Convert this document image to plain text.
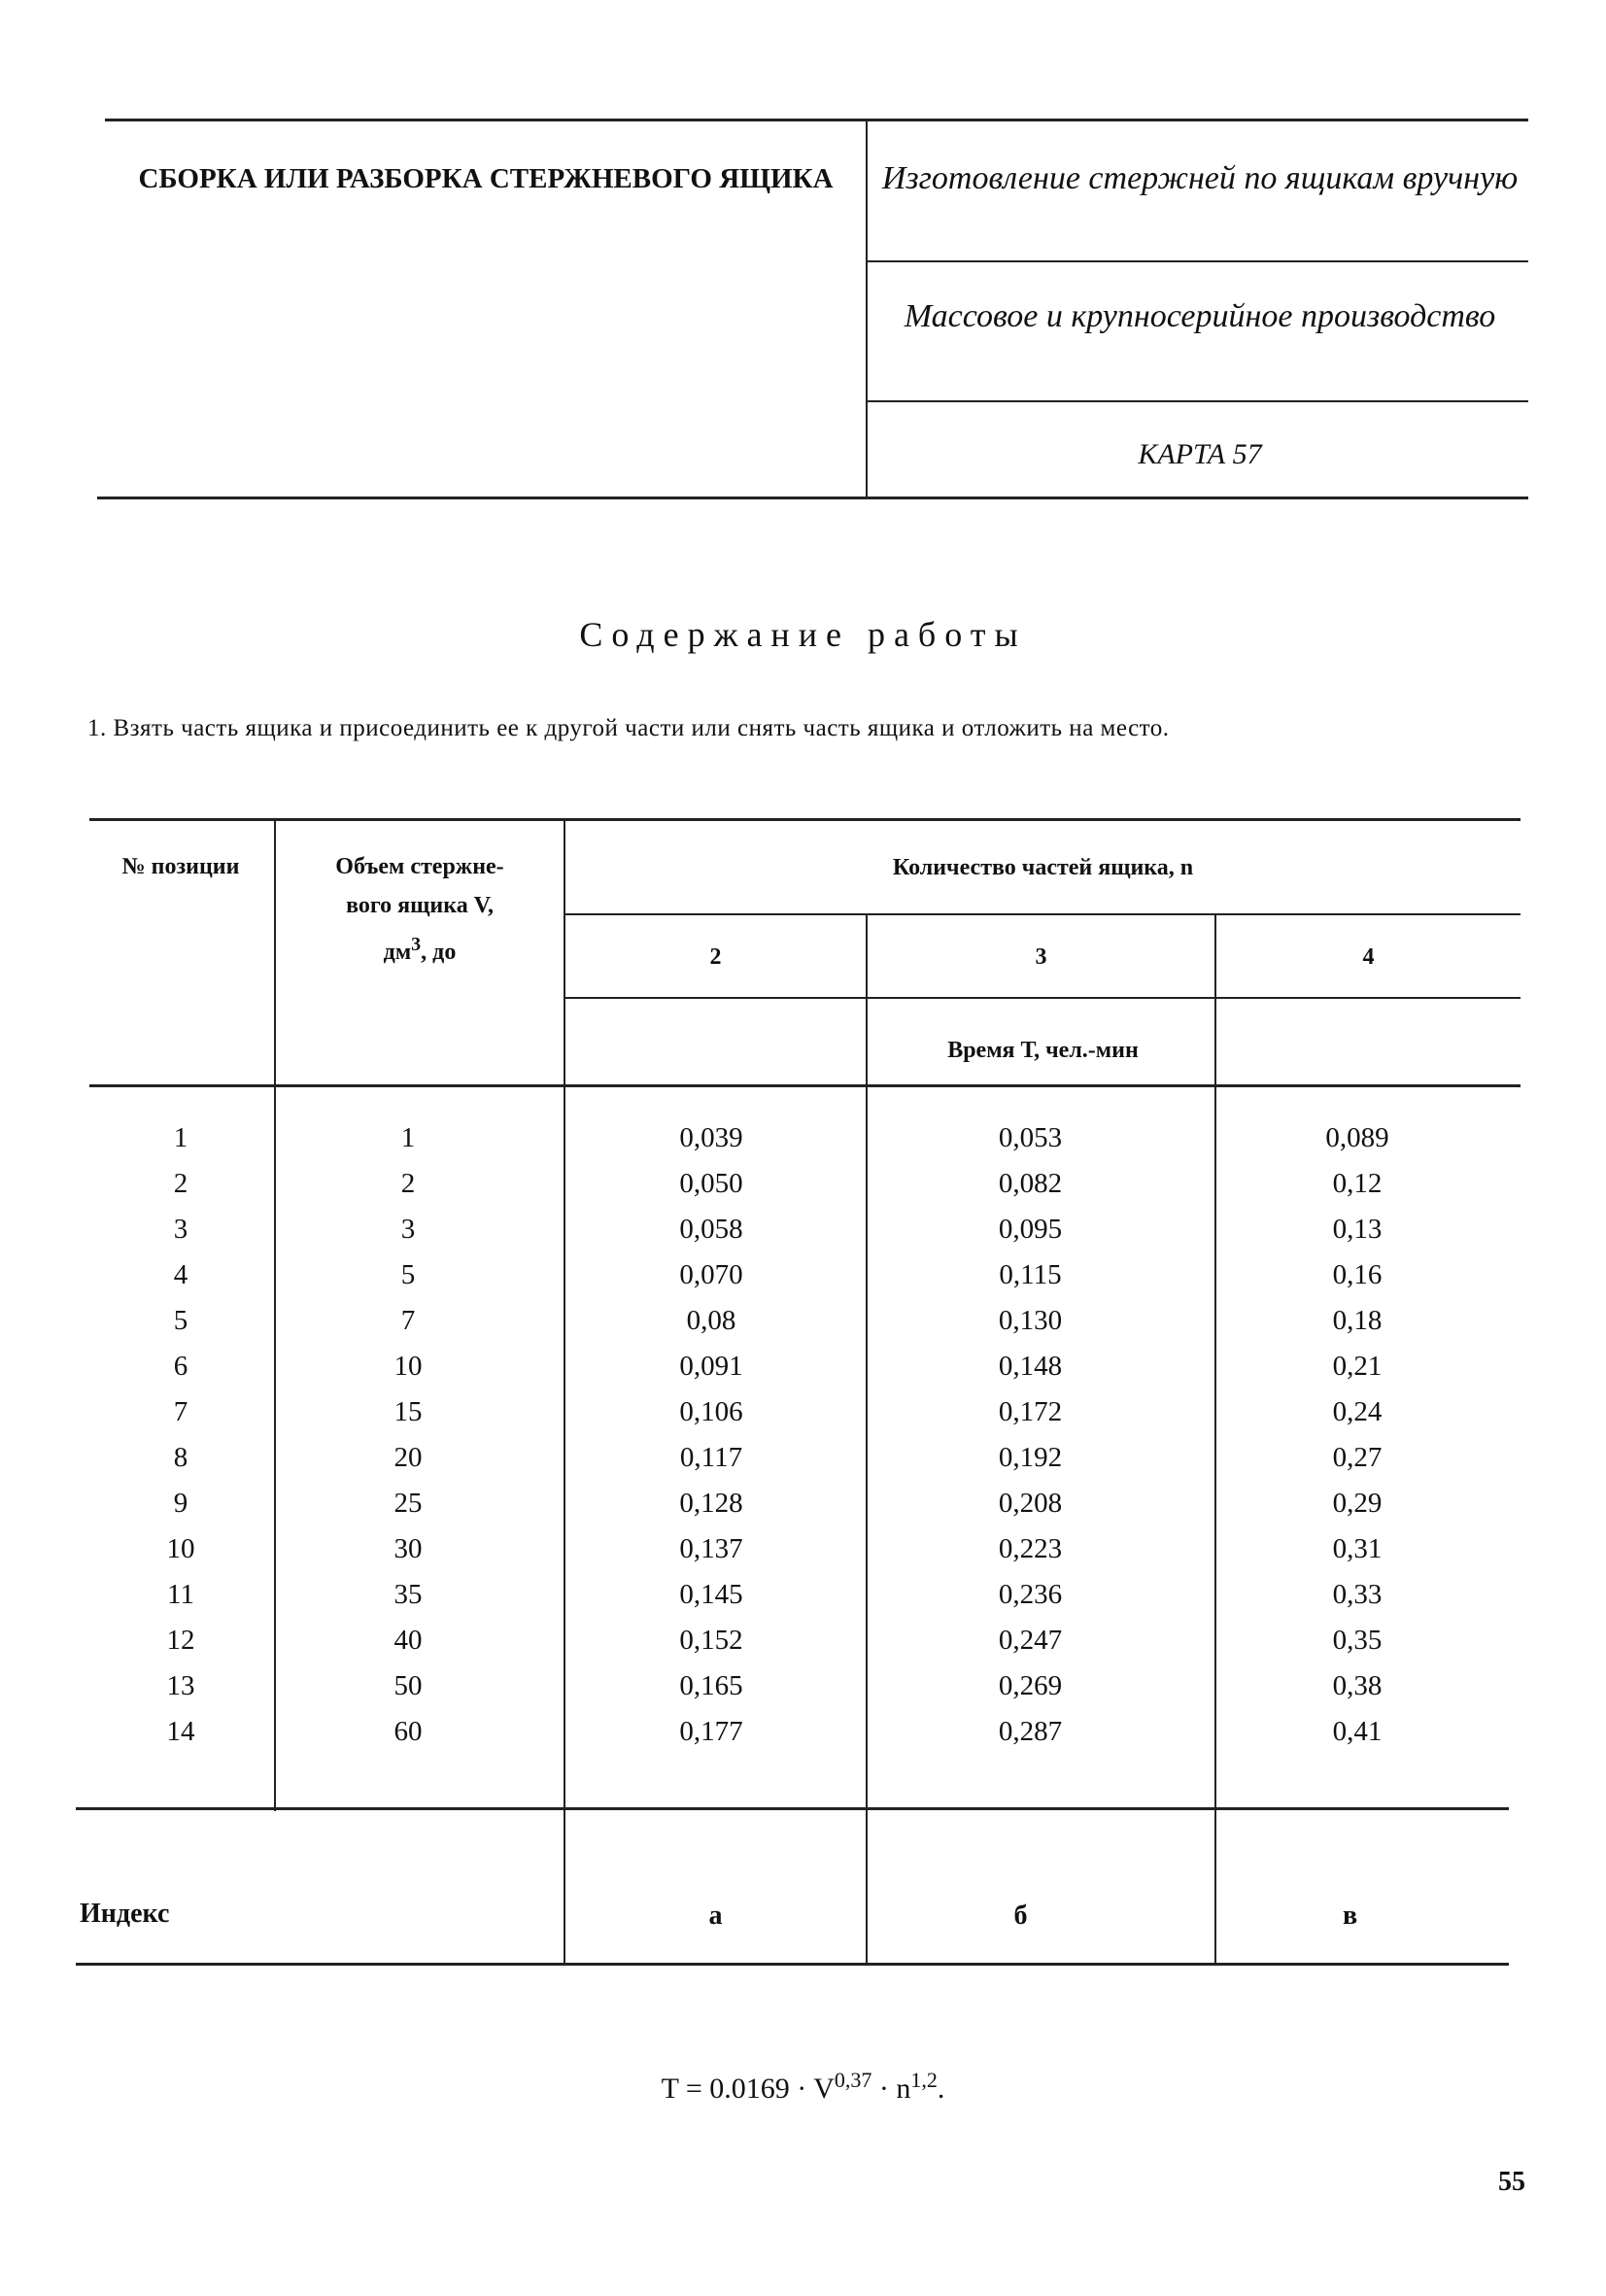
СБОРКА ИЛИ РАЗБОРКА СТЕРЖНЕВОГО ЯЩИКА	Изготовление стержней по ящикам вручную
Массовое и крупносерийное производство
КАРТА 57
Содержание работы
1. Взять часть ящика и присоединить ее к другой части или снять часть ящика и отложить на место.
№ позиции	Объем стержне-
вого ящика V,
$дм^3$, до
Количество частей ящика, n
2	3	4
Время Т, чел.-мин
1	1	0,039	0,053	0,089
2	2	0,050	0,082	0,12
3	3	0,058	0,095	0,13
4	5	0,070	0,115	0,16
5	7	0,08	0,130	0,18
6	10	0,091	0,148	0,21
7	15	0,106	0,172	0,24
8	20	0,117	0,192	0,27
9	25	0,128	0,208	0,29
10	30	0,137	0,223	0,31
11	35	0,145	0,236	0,33
12	40	0,152	0,247	0,35
13	50	0,165	0,269	0,38
14	60	0,177	0,287	0,41
Индекс	а	б	в
$T = 0.0169 \cdot V^{0,37} \cdot n^{1,2}$.
55
